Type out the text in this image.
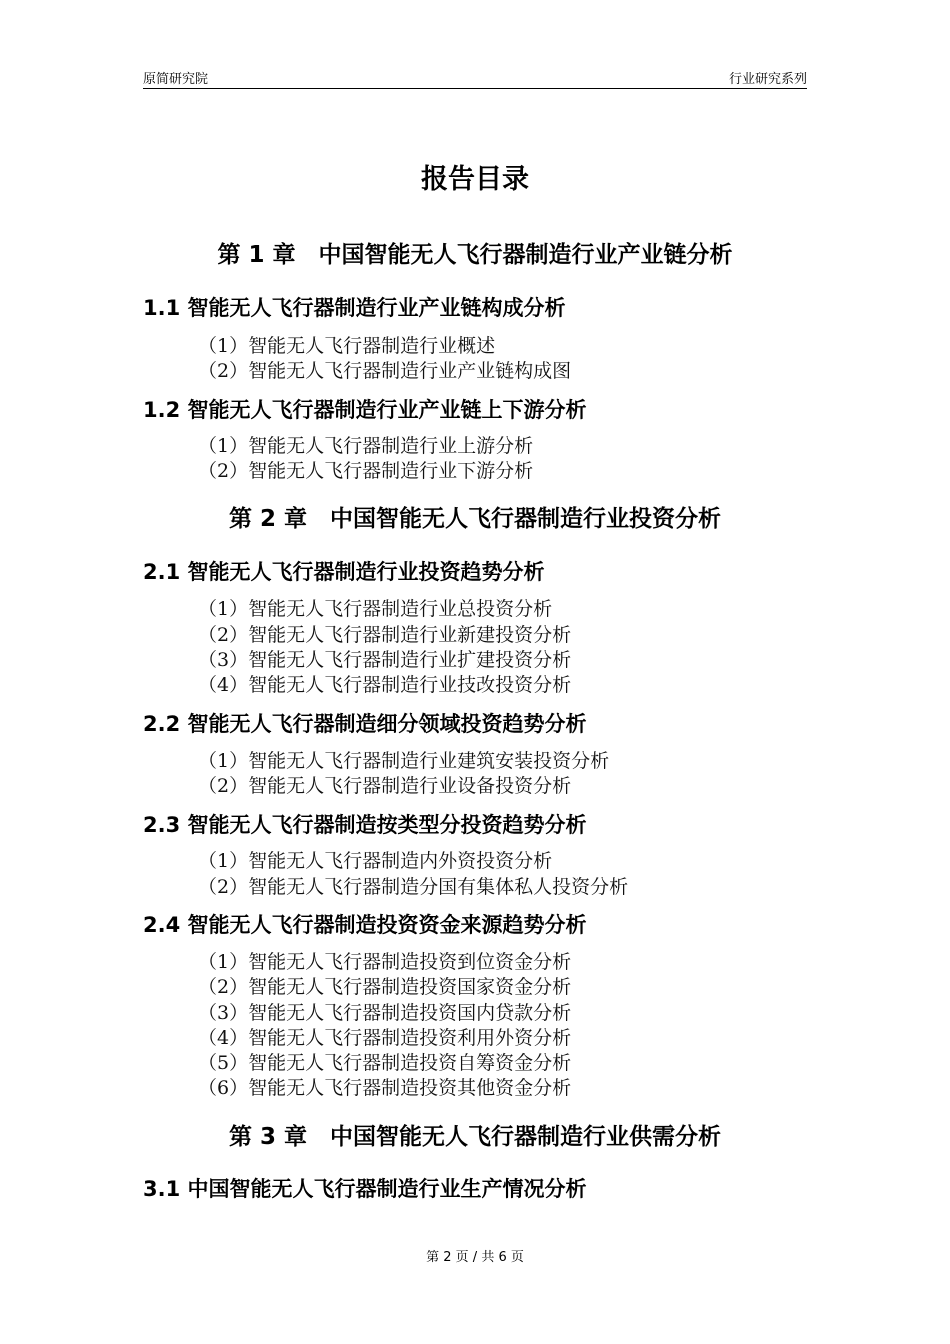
原简研究院	行业研究系列
报告目录
第 1 章　中国智能无人飞行器制造行业产业链分析
1.1 智能无人飞行器制造行业产业链构成分析
（1）智能无人飞行器制造行业概述
（2）智能无人飞行器制造行业产业链构成图
1.2 智能无人飞行器制造行业产业链上下游分析
（1）智能无人飞行器制造行业上游分析
（2）智能无人飞行器制造行业下游分析
第 2 章　中国智能无人飞行器制造行业投资分析
2.1 智能无人飞行器制造行业投资趋势分析
（1）智能无人飞行器制造行业总投资分析
（2）智能无人飞行器制造行业新建投资分析
（3）智能无人飞行器制造行业扩建投资分析
（4）智能无人飞行器制造行业技改投资分析
2.2 智能无人飞行器制造细分领域投资趋势分析
（1）智能无人飞行器制造行业建筑安装投资分析
（2）智能无人飞行器制造行业设备投资分析
2.3 智能无人飞行器制造按类型分投资趋势分析
（1）智能无人飞行器制造内外资投资分析
（2）智能无人飞行器制造分国有集体私人投资分析
2.4 智能无人飞行器制造投资资金来源趋势分析
（1）智能无人飞行器制造投资到位资金分析
（2）智能无人飞行器制造投资国家资金分析
（3）智能无人飞行器制造投资国内贷款分析
（4）智能无人飞行器制造投资利用外资分析
（5）智能无人飞行器制造投资自筹资金分析
（6）智能无人飞行器制造投资其他资金分析
第 3 章　中国智能无人飞行器制造行业供需分析
3.1 中国智能无人飞行器制造行业生产情况分析
第 2 页 / 共 6 页
